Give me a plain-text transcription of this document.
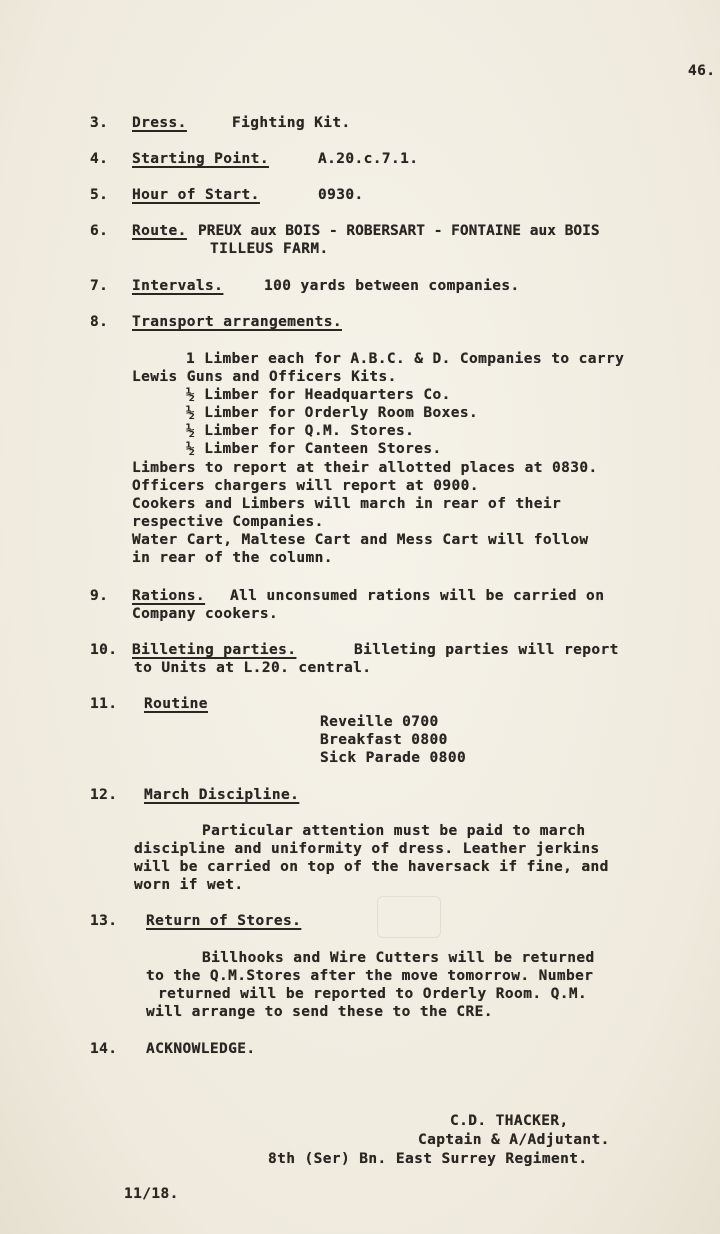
46.
3.	Dress.	Fighting Kit.
4.	Starting Point.	A.20.c.7.1.
5.	Hour of Start.	0930.
6.	Route. PREUX aux BOIS - ROBERSART - FONTAINE aux BOIS
TILLEUS FARM.
7.	Intervals.	100 yards between companies.
8.	Transport arrangements.
1 Limber each for A.B.C. & D. Companies to carry
Lewis Guns and Officers Kits.
½ Limber for Headquarters Co.
½ Limber for Orderly Room Boxes.
½ Limber for Q.M. Stores.
½ Limber for Canteen Stores.
Limbers to report at their allotted places at 0830.
Officers chargers will report at 0900.
Cookers and Limbers will march in rear of their
respective Companies.
Water Cart, Maltese Cart and Mess Cart will follow
in rear of the column.
9.	Rations. All unconsumed rations will be carried on
Company cookers.
10.	Billeting parties.	Billeting parties will report
to Units at L.20. central.
11.	Routine
Reveille 0700
Breakfast 0800
Sick Parade 0800
12.	March Discipline.
Particular attention must be paid to march
discipline and uniformity of dress. Leather jerkins
will be carried on top of the haversack if fine, and
worn if wet.
13.	Return of Stores.
Billhooks and Wire Cutters will be returned
to the Q.M.Stores after the move tomorrow. Number
returned will be reported to Orderly Room. Q.M.
will arrange to send these to the CRE.
14.	ACKNOWLEDGE.
C.D. THACKER,
Captain & A/Adjutant.
8th (Ser) Bn. East Surrey Regiment.
11/18.
